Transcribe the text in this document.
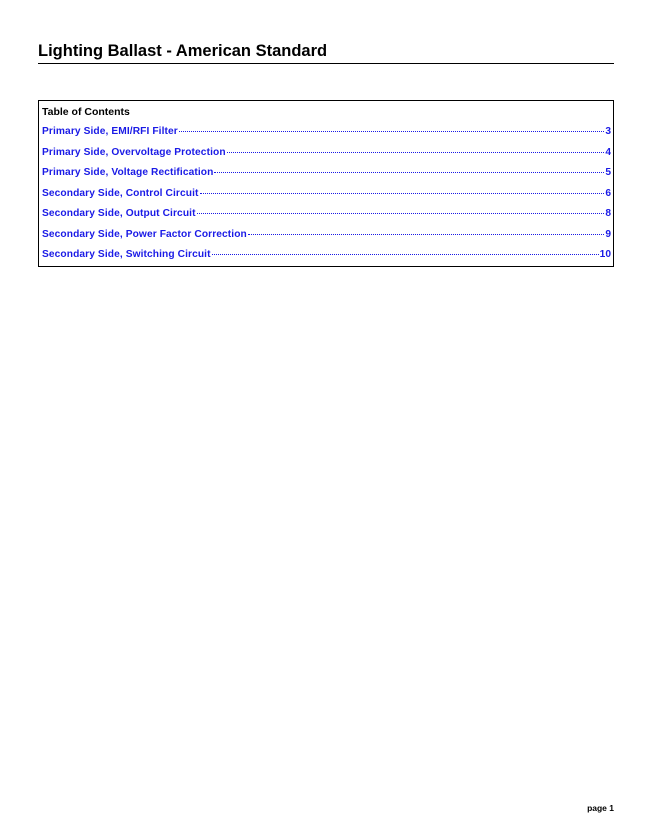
Lighting Ballast - American Standard
Table of Contents
Primary Side, EMI/RFI Filter	3
Primary Side, Overvoltage Protection	4
Primary Side, Voltage Rectification	5
Secondary Side, Control Circuit	6
Secondary Side, Output Circuit	8
Secondary Side, Power Factor Correction	9
Secondary Side, Switching Circuit	10
page 1
